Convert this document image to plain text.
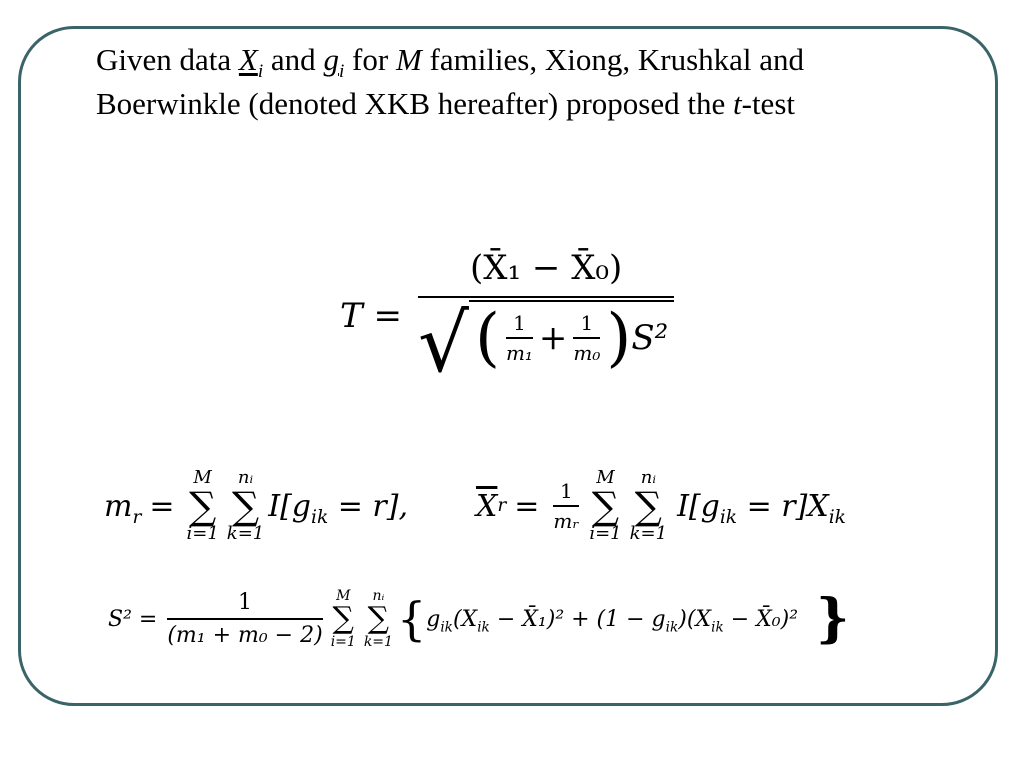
Given data $X_i$ and $g_i$ for M families, Xiong, Krushkal and Boerwinkle (denoted XKB hereafter) proposed the t-test
T =
(X̄₁ − X̄₀)
√ ( $\frac{1}{\text{m₁}} + \frac{1}{\text{m₀}}$ ) S²
$m_r$ =
M
∑
i=1
nᵢ
∑
k=1
$I[g_{ik} = r]$, $\overline{X}$ $r = \frac{1}{\text{mᵣ}}$
M
∑
i=1
nᵢ
∑
k=1
$I[g_{ik} = r]X_{ik}$
S² =
1
(m₁ + m₀ − 2)
M
∑
i=1
nᵢ
∑
k=1 { $g_{ik}(X_{ik}$ − X̄₁)² + $(1 - g_{ik})(X_{ik}$ − X̄₀)² }
